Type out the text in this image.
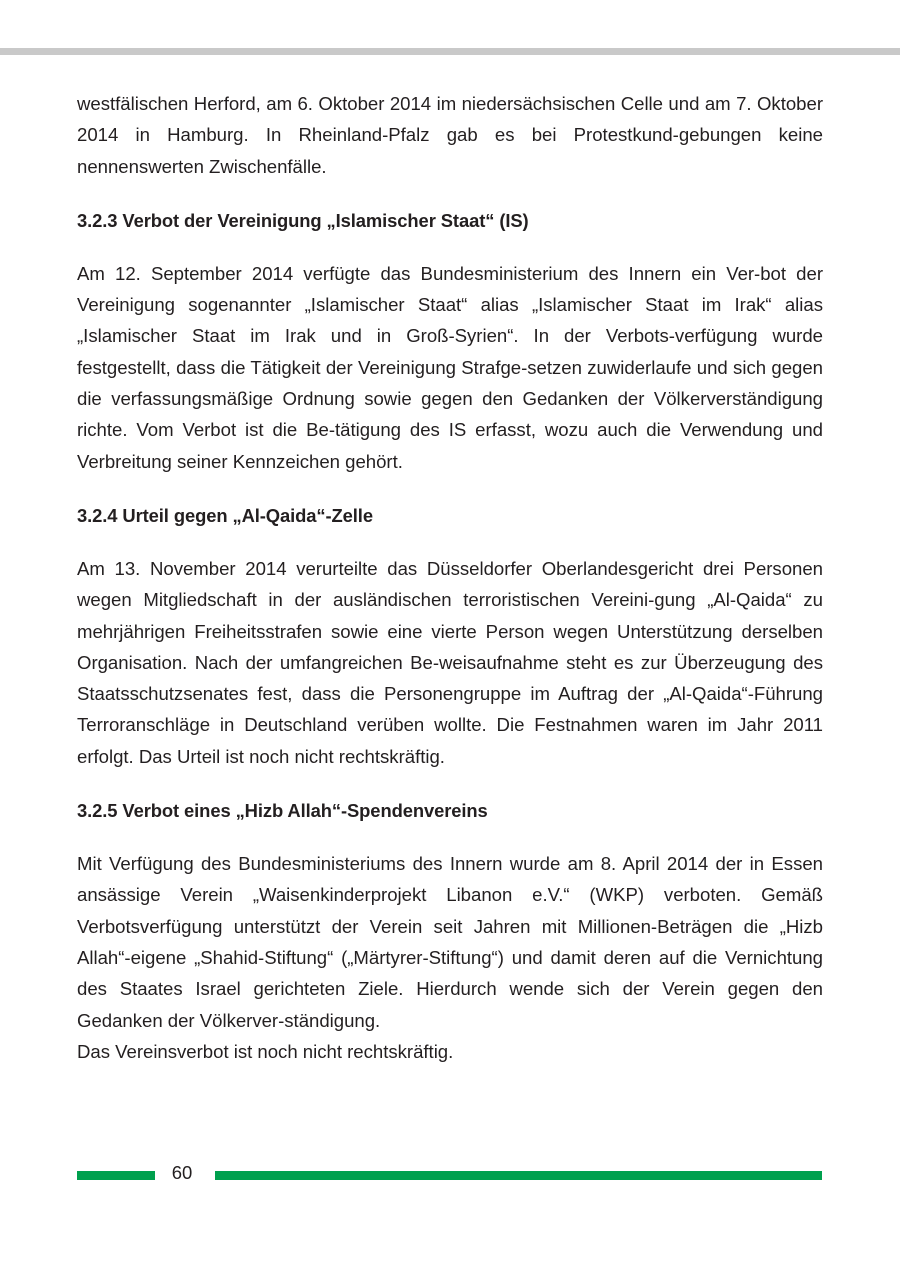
westfälischen Herford, am 6. Oktober 2014 im niedersächsischen Celle und am 7. Oktober 2014 in Hamburg. In Rheinland-Pfalz gab es bei Protestkund-gebungen keine nennenswerten Zwischenfälle.

3.2.3 Verbot der Vereinigung „Islamischer Staat“ (IS)

Am 12. September 2014 verfügte das Bundesministerium des Innern ein Ver-bot der Vereinigung sogenannter „Islamischer Staat“ alias „Islamischer Staat im Irak“ alias „Islamischer Staat im Irak und in Groß-Syrien“. In der Verbots-verfügung wurde festgestellt, dass die Tätigkeit der Vereinigung Strafge-setzen zuwiderlaufe und sich gegen die verfassungsmäßige Ordnung sowie gegen den Gedanken der Völkerverständigung richte. Vom Verbot ist die Be-tätigung des IS erfasst, wozu auch die Verwendung und Verbreitung seiner Kennzeichen gehört.

3.2.4 Urteil gegen „Al-Qaida“-Zelle

Am 13. November 2014 verurteilte das Düsseldorfer Oberlandesgericht drei Personen wegen Mitgliedschaft in der ausländischen terroristischen Vereini-gung „Al-Qaida“ zu mehrjährigen Freiheitsstrafen sowie eine vierte Person wegen Unterstützung derselben Organisation. Nach der umfangreichen Be-weisaufnahme steht es zur Überzeugung des Staatsschutzsenates fest, dass die Personengruppe im Auftrag der „Al-Qaida“-Führung Terroranschläge in Deutschland verüben wollte. Die Festnahmen waren im Jahr 2011 erfolgt. Das Urteil ist noch nicht rechtskräftig.

3.2.5 Verbot eines „Hizb Allah“-Spendenvereins

Mit Verfügung des Bundesministeriums des Innern wurde am 8. April 2014 der in Essen ansässige Verein „Waisenkinderprojekt Libanon e.V.“ (WKP) verboten. Gemäß Verbotsverfügung unterstützt der Verein seit Jahren mit Millionen-Beträgen die „Hizb Allah“-eigene „Shahid-Stiftung“ („Märtyrer-Stiftung“) und damit deren auf die Vernichtung des Staates Israel gerichteten Ziele. Hierdurch wende sich der Verein gegen den Gedanken der Völkerver-ständigung.

Das Vereinsverbot ist noch nicht rechtskräftig.

60
